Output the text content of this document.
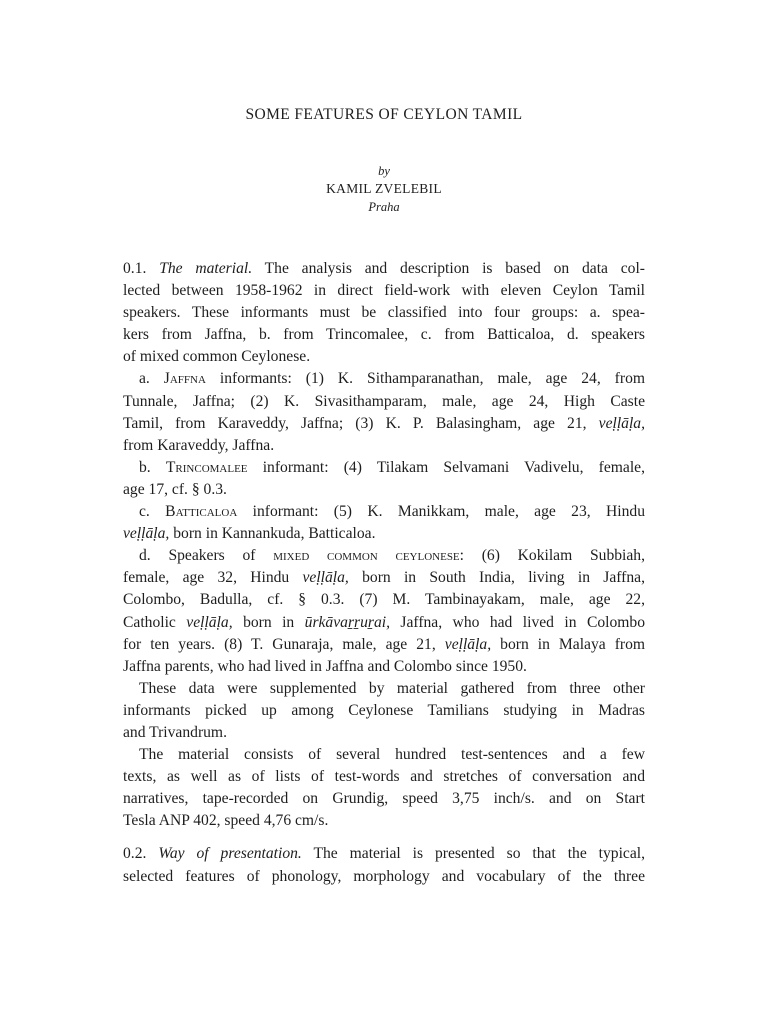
SOME FEATURES OF CEYLON TAMIL
by
KAMIL ZVELEBIL
Praha
0.1. The material. The analysis and description is based on data col-
lected between 1958-1962 in direct field-work with eleven Ceylon Tamil
speakers. These informants must be classified into four groups: a. spea-
kers from Jaffna, b. from Trincomalee, c. from Batticaloa, d. speakers
of mixed common Ceylonese.
a. Jaffna informants: (1) K. Sithamparanathan, male, age 24, from
Tunnale, Jaffna; (2) K. Sivasithamparam, male, age 24, High Caste
Tamil, from Karaveddy, Jaffna; (3) K. P. Balasingham, age 21, veḷḷāḷa,
from Karaveddy, Jaffna.
b. Trincomalee informant: (4) Tilakam Selvamani Vadivelu, female,
age 17, cf. § 0.3.
c. Batticaloa informant: (5) K. Manikkam, male, age 23, Hindu
veḷḷāḷa, born in Kannankuda, Batticaloa.
d. Speakers of mixed common ceylonese: (6) Kokilam Subbiah,
female, age 32, Hindu veḷḷāḷa, born in South India, living in Jaffna,
Colombo, Badulla, cf. § 0.3. (7) M. Tambinayakam, male, age 22,
Catholic veḷḷāḷa, born in ūrkāvaṟṟuṟai, Jaffna, who had lived in Colombo
for ten years. (8) T. Gunaraja, male, age 21, veḷḷāḷa, born in Malaya from
Jaffna parents, who had lived in Jaffna and Colombo since 1950.
These data were supplemented by material gathered from three other
informants picked up among Ceylonese Tamilians studying in Madras
and Trivandrum.
The material consists of several hundred test-sentences and a few
texts, as well as of lists of test-words and stretches of conversation and
narratives, tape-recorded on Grundig, speed 3,75 inch/s. and on Start
Tesla ANP 402, speed 4,76 cm/s.
0.2. Way of presentation. The material is presented so that the typical,
selected features of phonology, morphology and vocabulary of the three
